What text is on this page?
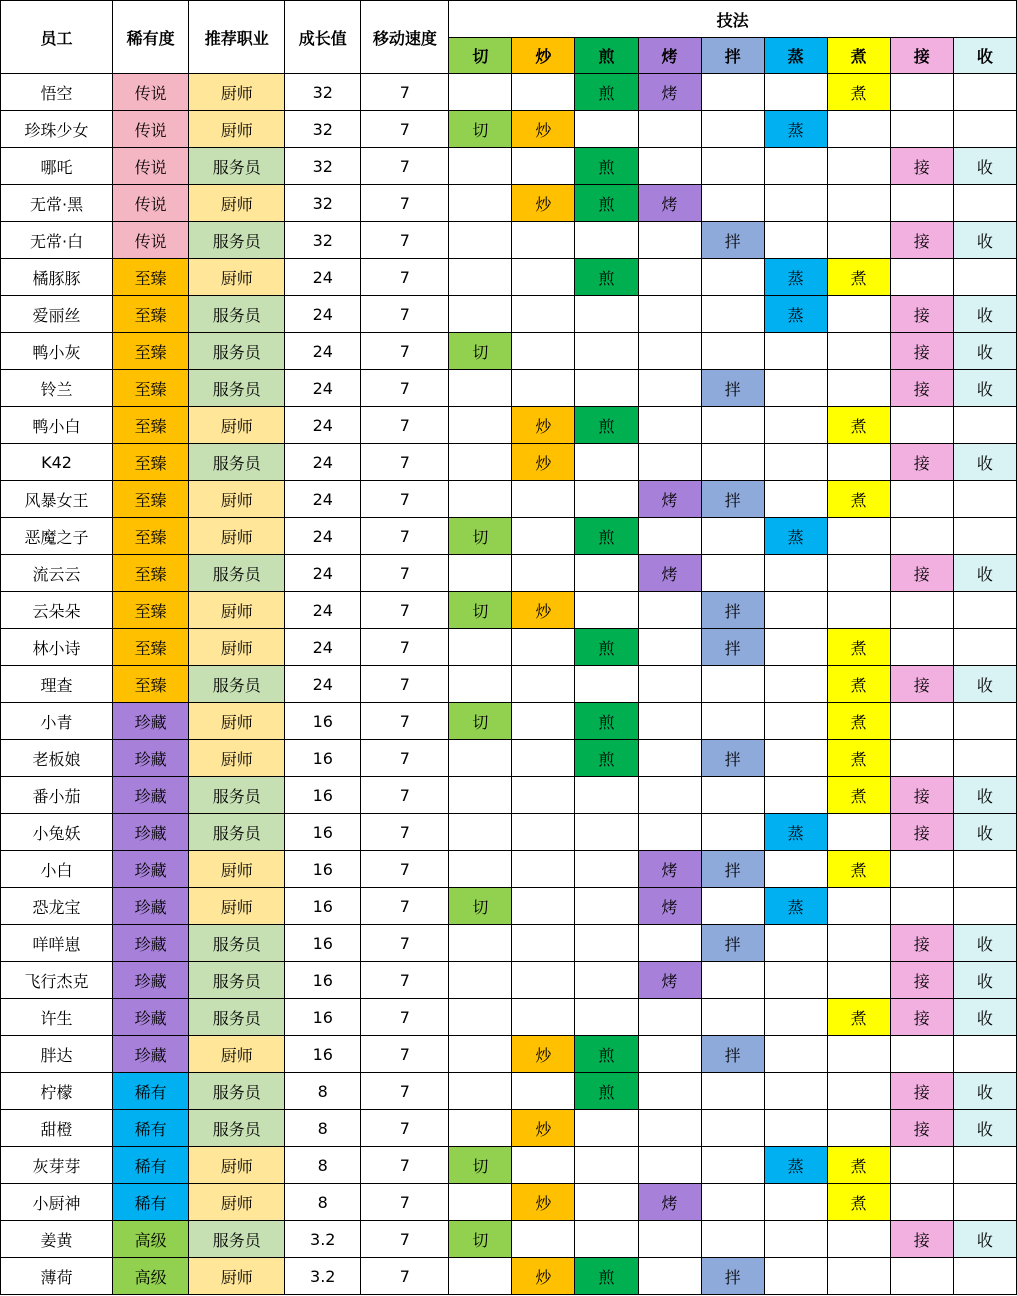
员工	稀有度	推荐职业	成长值	移动速度	技法								
					切	炒	煎	烤	拌	蒸	煮	接	收
悟空	传说	厨师	32	7			煎	烤			煮		
珍珠少女	传说	厨师	32	7	切	炒				蒸			
哪吒	传说	服务员	32	7			煎					接	收
无常·黑	传说	厨师	32	7		炒	煎	烤					
无常·白	传说	服务员	32	7					拌			接	收
橘豚豚	至臻	厨师	24	7			煎			蒸	煮		
爱丽丝	至臻	服务员	24	7						蒸		接	收
鸭小灰	至臻	服务员	24	7	切							接	收
铃兰	至臻	服务员	24	7					拌			接	收
鸭小白	至臻	厨师	24	7		炒	煎				煮		
K42	至臻	服务员	24	7		炒						接	收
风暴女王	至臻	厨师	24	7				烤	拌		煮		
恶魔之子	至臻	厨师	24	7	切		煎			蒸			
流云云	至臻	服务员	24	7				烤				接	收
云朵朵	至臻	厨师	24	7	切	炒			拌				
林小诗	至臻	厨师	24	7			煎		拌		煮		
理查	至臻	服务员	24	7							煮	接	收
小青	珍藏	厨师	16	7	切		煎				煮		
老板娘	珍藏	厨师	16	7			煎		拌		煮		
番小茄	珍藏	服务员	16	7							煮	接	收
小兔妖	珍藏	服务员	16	7						蒸		接	收
小白	珍藏	厨师	16	7				烤	拌		煮		
恐龙宝	珍藏	厨师	16	7	切			烤		蒸			
咩咩崽	珍藏	服务员	16	7					拌			接	收
飞行杰克	珍藏	服务员	16	7				烤				接	收
许生	珍藏	服务员	16	7							煮	接	收
胖达	珍藏	厨师	16	7		炒	煎		拌				
柠檬	稀有	服务员	8	7			煎					接	收
甜橙	稀有	服务员	8	7		炒						接	收
灰芽芽	稀有	厨师	8	7	切					蒸	煮		
小厨神	稀有	厨师	8	7		炒		烤			煮		
姜黄	高级	服务员	3.2	7	切							接	收
薄荷	高级	厨师	3.2	7		炒	煎		拌				
